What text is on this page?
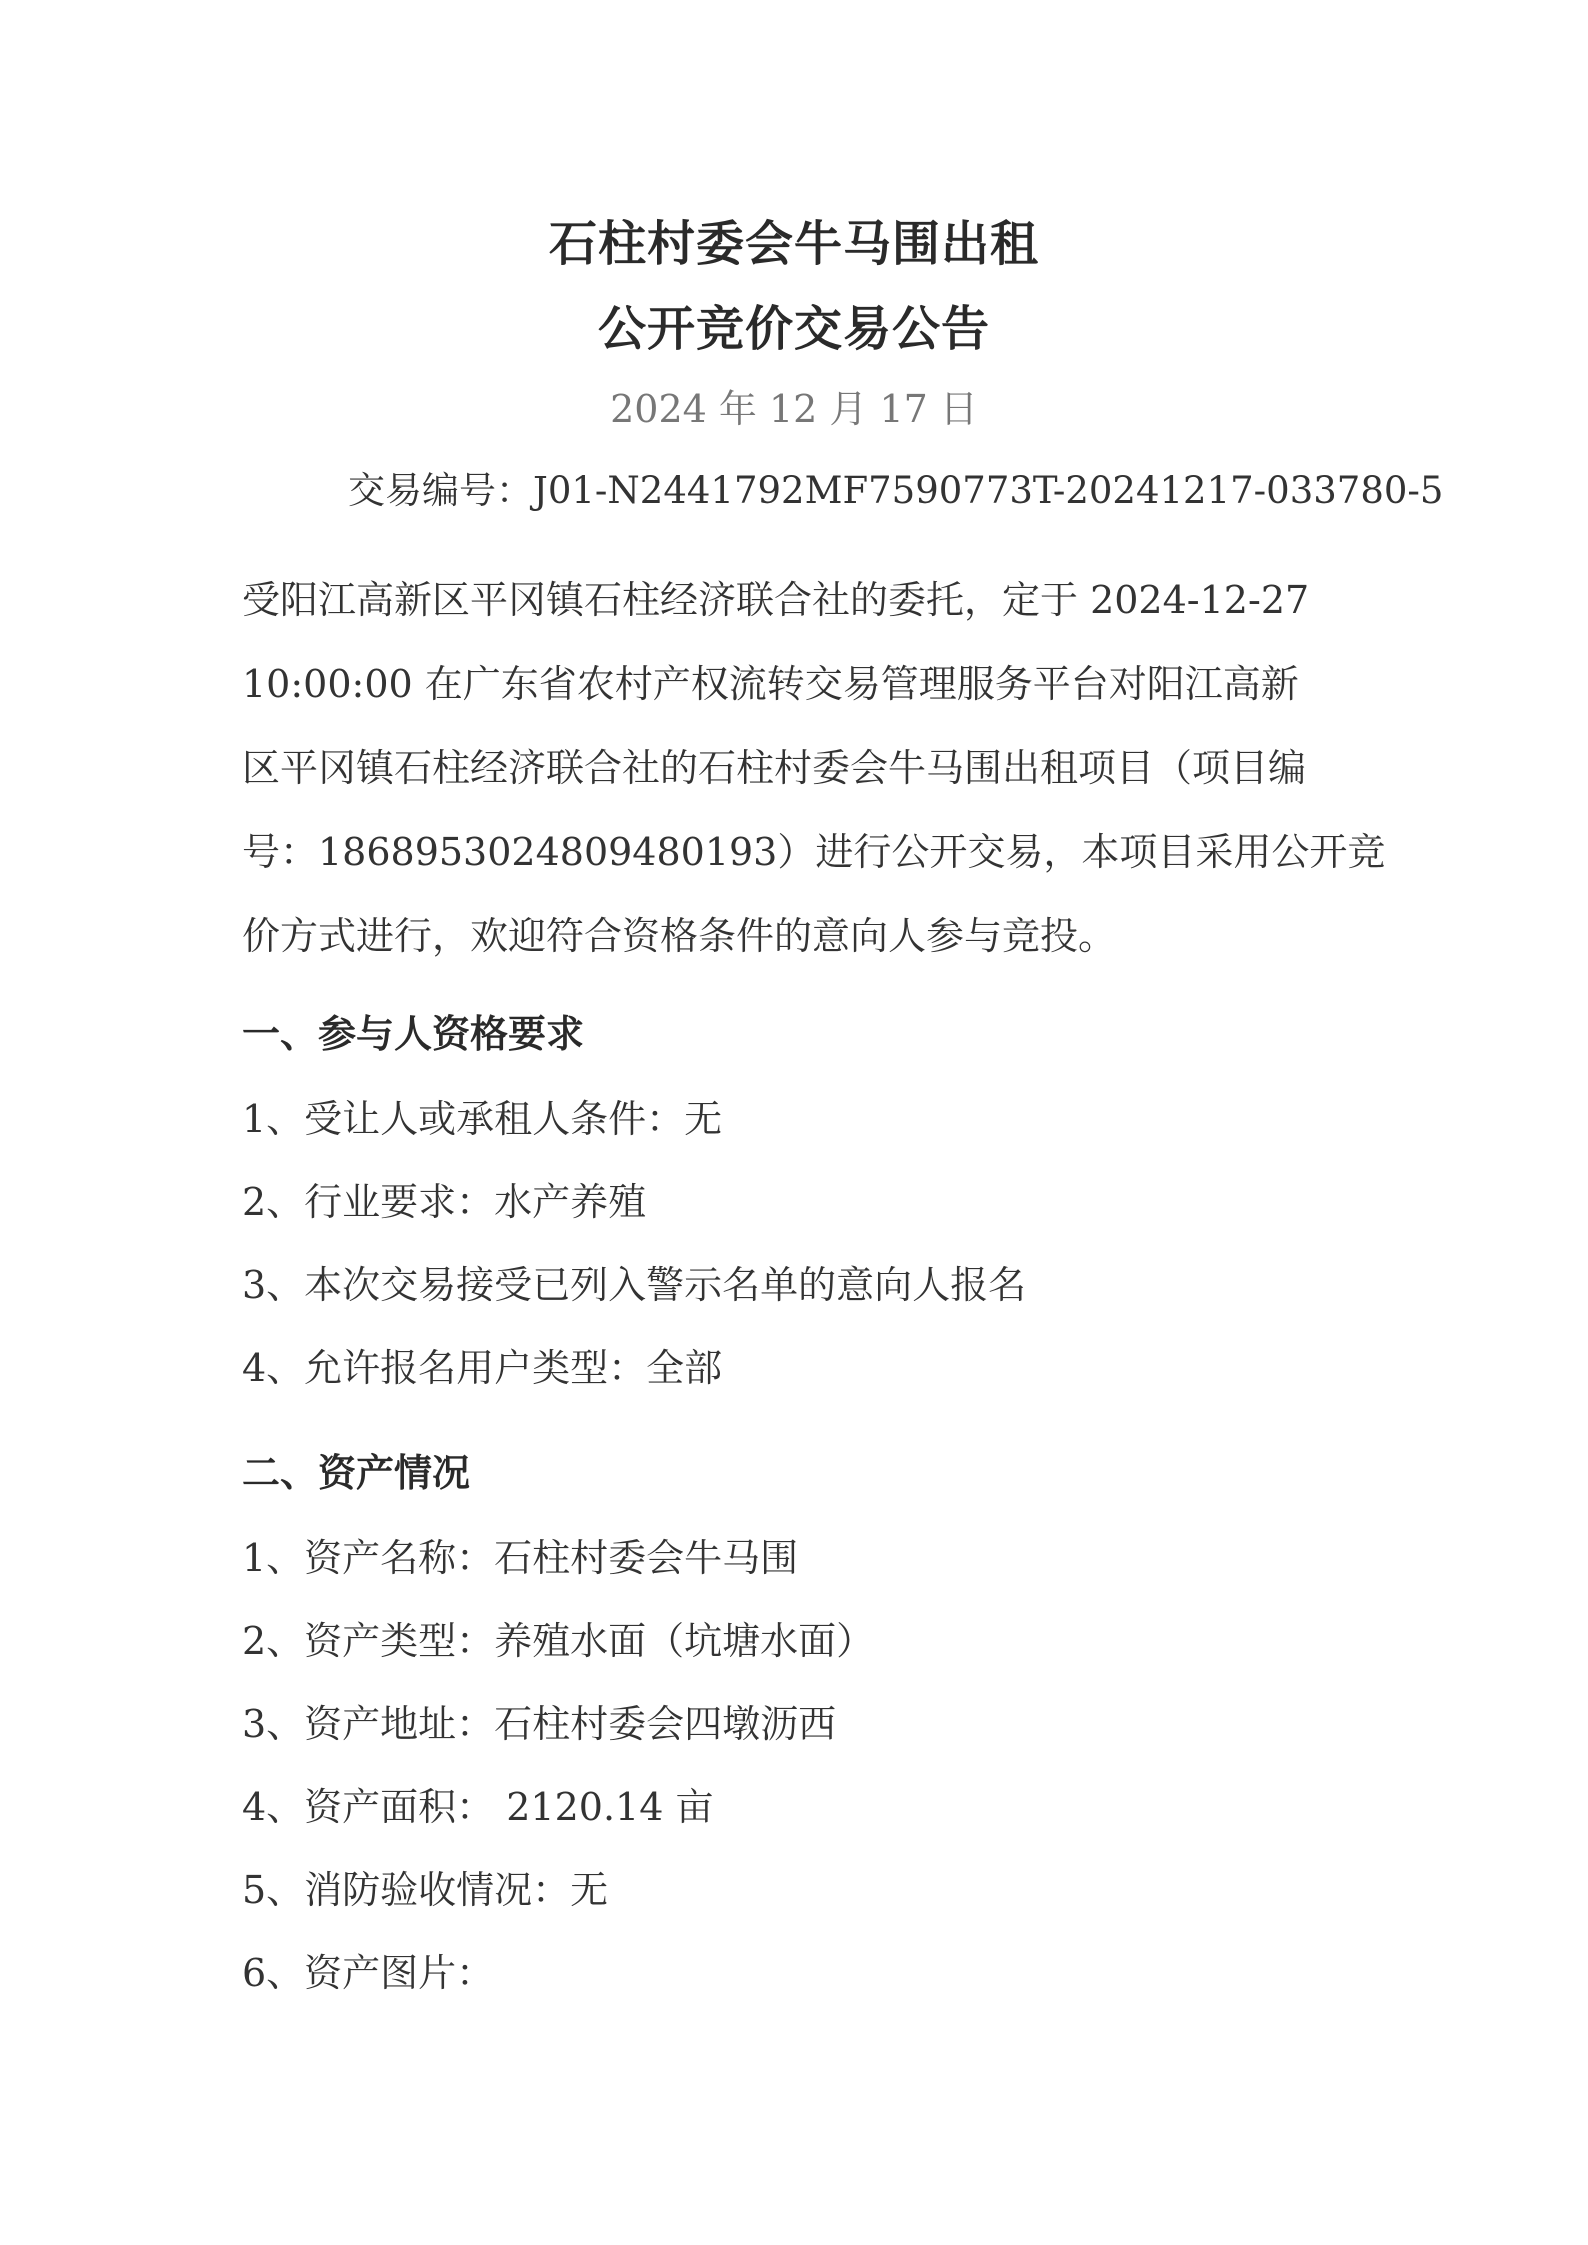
石柱村委会牛马围出租
公开竞价交易公告
2024 年 12 月 17 日
交易编号：J01-N2441792MF7590773T-20241217-033780-5
受阳江高新区平冈镇石柱经济联合社的委托，定于 2024-12-27
10:00:00 在广东省农村产权流转交易管理服务平台对阳江高新
区平冈镇石柱经济联合社的石柱村委会牛马围出租项目（项目编
号：1868953024809480193）进行公开交易，本项目采用公开竞
价方式进行，欢迎符合资格条件的意向人参与竞投。
一、参与人资格要求
1、受让人或承租人条件：无
2、行业要求：水产养殖
3、本次交易接受已列入警示名单的意向人报名
4、允许报名用户类型：全部
二、资产情况
1、资产名称：石柱村委会牛马围
2、资产类型：养殖水面（坑塘水面）
3、资产地址：石柱村委会四墩沥西
4、资产面积： 2120.14 亩
5、消防验收情况：无
6、资产图片：
